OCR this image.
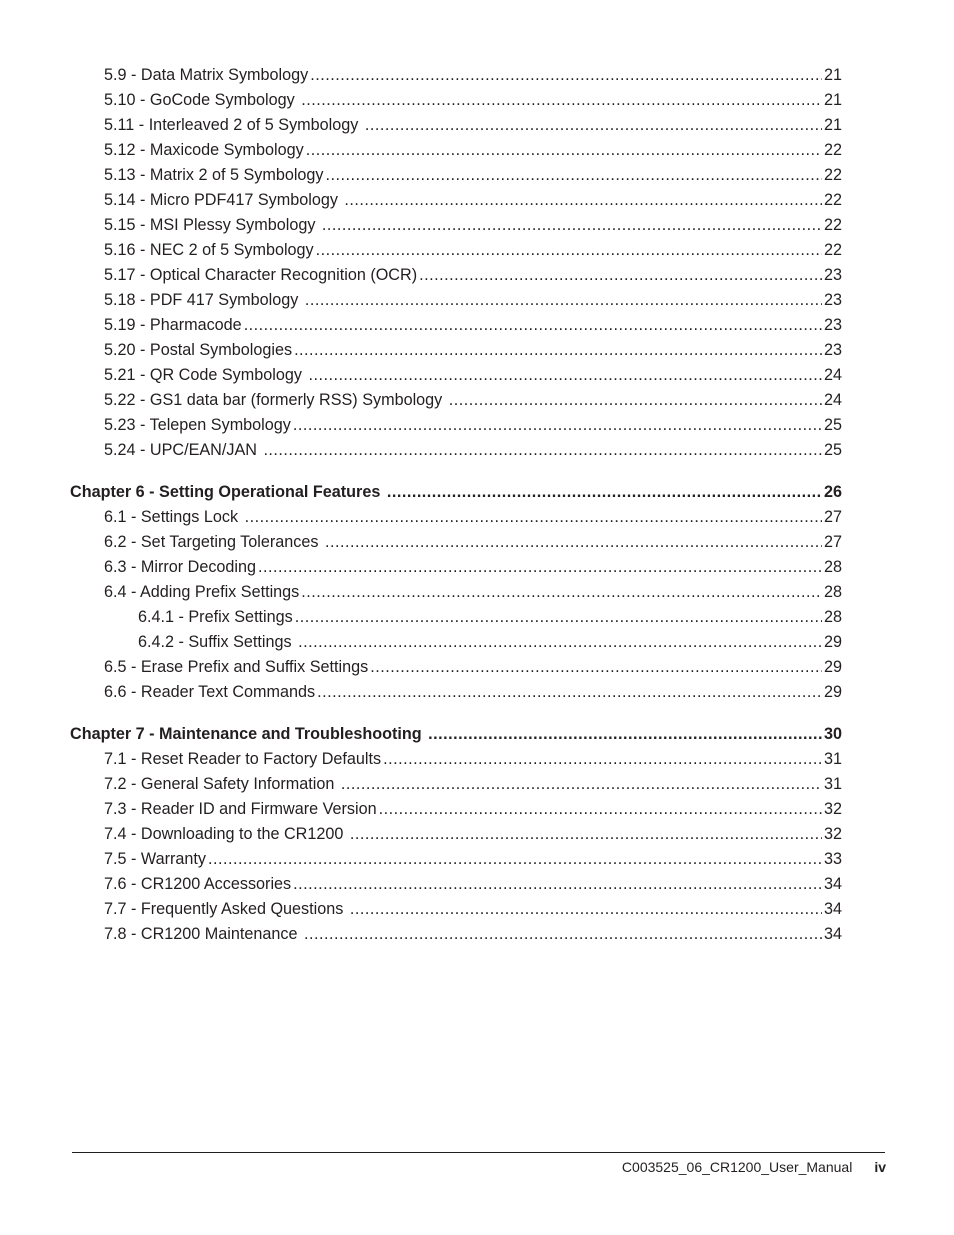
5.9 - Data Matrix Symbology .....	21
5.10 - GoCode Symbology .....	21
5.11 - Interleaved 2 of 5 Symbology .....	21
5.12 - Maxicode Symbology .....	22
5.13 - Matrix 2 of 5 Symbology .....	22
5.14 - Micro PDF417 Symbology .....	22
5.15 - MSI Plessy Symbology .....	22
5.16 - NEC 2 of 5 Symbology .....	22
5.17 - Optical Character Recognition (OCR) .....	23
5.18 - PDF 417 Symbology .....	23
5.19 - Pharmacode .....	23
5.20 - Postal Symbologies .....	23
5.21 - QR Code Symbology .....	24
5.22 - GS1 data bar (formerly RSS) Symbology .....	24
5.23 - Telepen Symbology .....	25
5.24 - UPC/EAN/JAN .....	25
Chapter 6 - Setting Operational Features .....	26
6.1 - Settings Lock .....	27
6.2 - Set Targeting Tolerances .....	27
6.3 - Mirror Decoding .....	28
6.4 - Adding Prefix Settings .....	28
6.4.1 - Prefix Settings .....	28
6.4.2 - Suffix Settings .....	29
6.5 - Erase Prefix and Suffix Settings .....	29
6.6 - Reader Text Commands .....	29
Chapter 7 - Maintenance and Troubleshooting .....	30
7.1 - Reset Reader to Factory Defaults .....	31
7.2 - General Safety Information .....	31
7.3 - Reader ID and Firmware Version .....	32
7.4 - Downloading to the CR1200 .....	32
7.5 - Warranty .....	33
7.6 - CR1200 Accessories .....	34
7.7 - Frequently Asked Questions .....	34
7.8 - CR1200 Maintenance .....	34
C003525_06_CR1200_User_Manual iv
